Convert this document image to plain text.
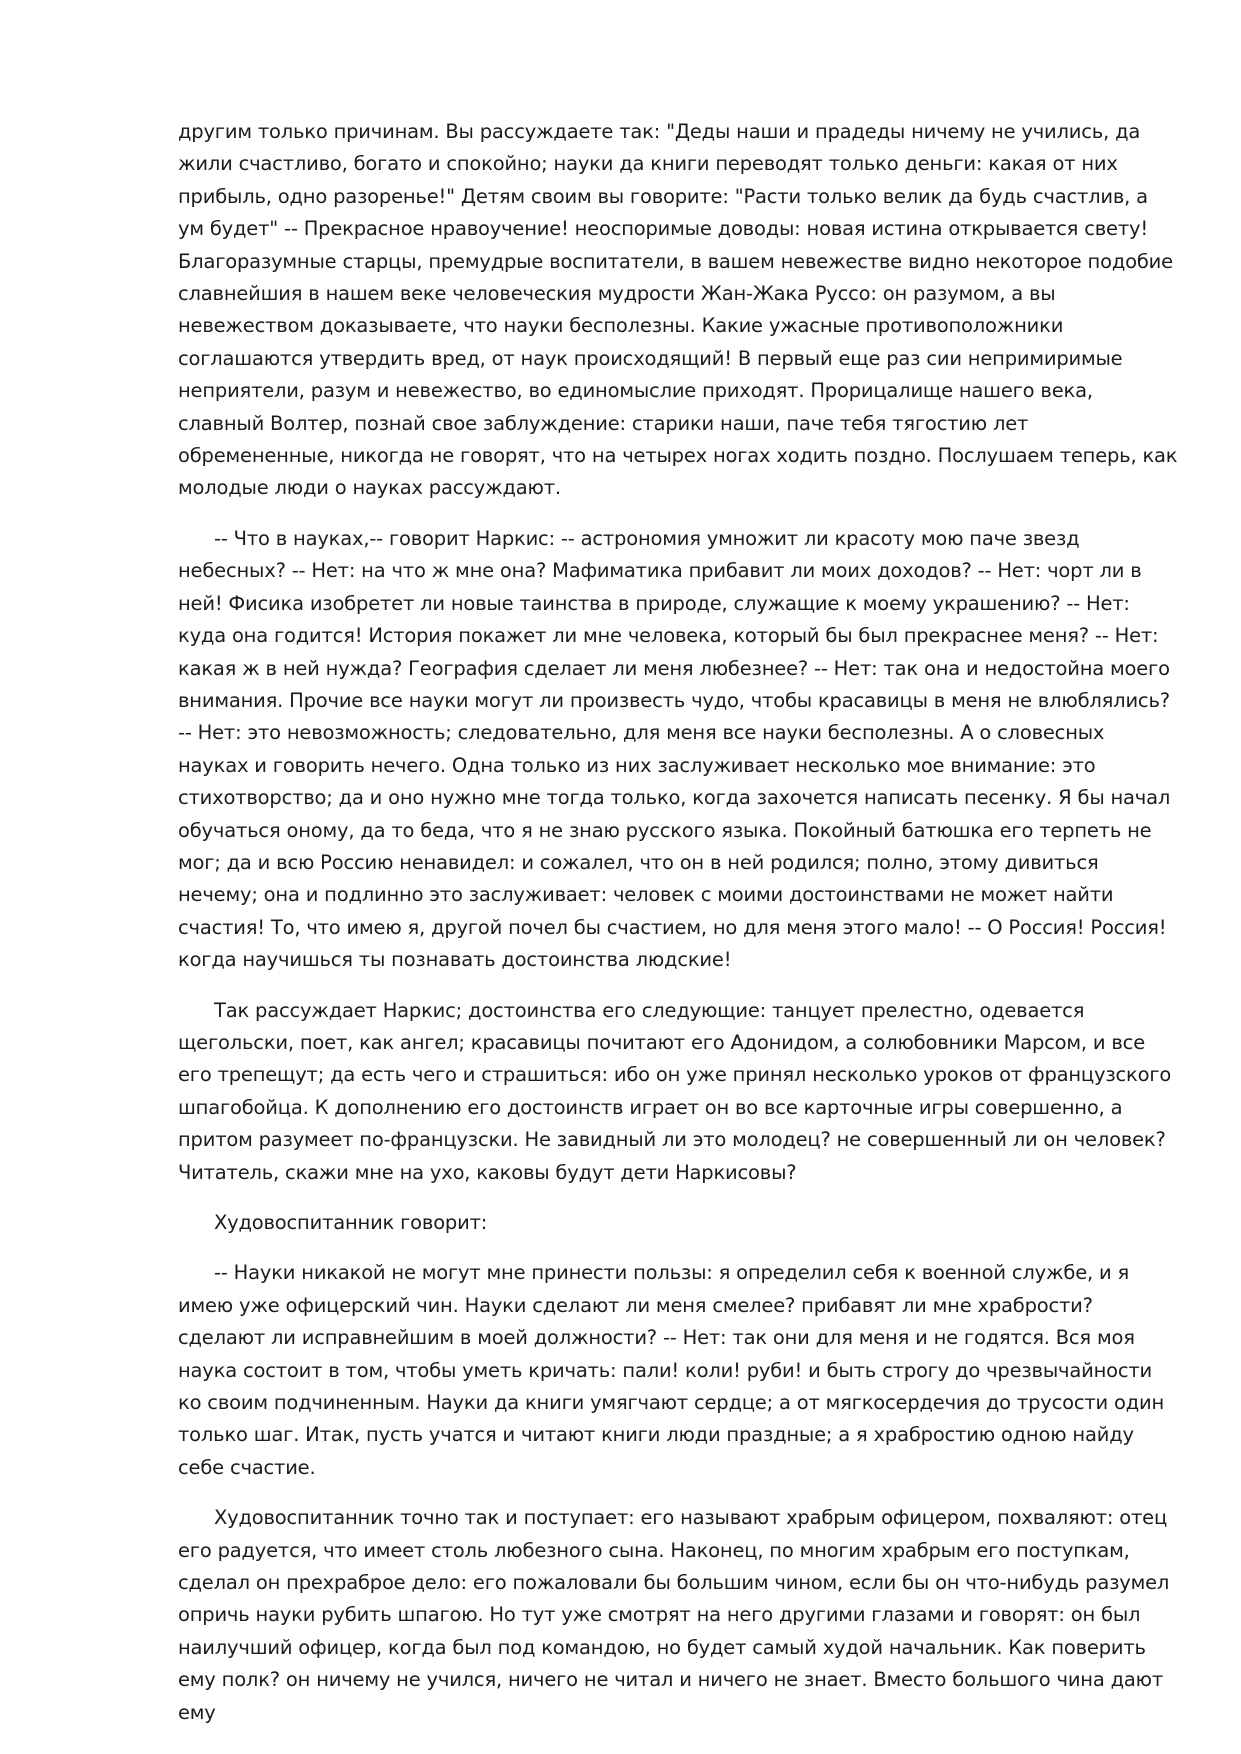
другим только причинам. Вы рассуждаете так: "Деды наши и прадеды ничему не учились, да жили счастливо, богато и спокойно; науки да книги переводят только деньги: какая от них прибыль, одно разоренье!" Детям своим вы говорите: "Расти только велик да будь счастлив, а ум будет" -- Прекрасное нравоучение! неоспоримые доводы: новая истина открывается свету! Благоразумные старцы, премудрые воспитатели, в вашем невежестве видно некоторое подобие славнейшия в нашем веке человеческия мудрости Жан-Жака Руссо: он разумом, а вы невежеством доказываете, что науки бесполезны. Какие ужасные противоположники соглашаются утвердить вред, от наук происходящий! В первый еще раз сии непримиримые неприятели, разум и невежество, во единомыслие приходят. Прорицалище нашего века, славный Волтер, познай свое заблуждение: старики наши, паче тебя тягостию лет обремененные, никогда не говорят, что на четырех ногах ходить поздно. Послушаем теперь, как молодые люди о науках рассуждают.

-- Что в науках,-- говорит Наркис: -- астрономия умножит ли красоту мою паче звезд небесных? -- Нет: на что ж мне она? Мафиматика прибавит ли моих доходов? -- Нет: чорт ли в ней! Фисика изобретет ли новые таинства в природе, служащие к моему украшению? -- Нет: куда она годится! История покажет ли мне человека, который бы был прекраснее меня? -- Нет: какая ж в ней нужда? География сделает ли меня любезнее? -- Нет: так она и недостойна моего внимания. Прочие все науки могут ли произвесть чудо, чтобы красавицы в меня не влюблялись? -- Нет: это невозможность; следовательно, для меня все науки бесполезны. А о словесных науках и говорить нечего. Одна только из них заслуживает несколько мое внимание: это стихотворство; да и оно нужно мне тогда только, когда захочется написать песенку. Я бы начал обучаться оному, да то беда, что я не знаю русского языка. Покойный батюшка его терпеть не мог; да и всю Россию ненавидел: и сожалел, что он в ней родился; полно, этому дивиться нечему; она и подлинно это заслуживает: человек с моими достоинствами не может найти счастия! То, что имею я, другой почел бы счастием, но для меня этого мало! -- О Россия! Россия! когда научишься ты познавать достоинства людские!

Так рассуждает Наркис; достоинства его следующие: танцует прелестно, одевается щегольски, поет, как ангел; красавицы почитают его Адонидом, а солюбовники Марсом, и все его трепещут; да есть чего и страшиться: ибо он уже принял несколько уроков от французского шпагобойца. К дополнению его достоинств играет он во все карточные игры совершенно, а притом разумеет по-французски. Не завидный ли это молодец? не совершенный ли он человек? Читатель, скажи мне на ухо, каковы будут дети Наркисовы?

Худовоспитанник говорит:

-- Науки никакой не могут мне принести пользы: я определил себя к военной службе, и я имею уже офицерский чин. Науки сделают ли меня смелее? прибавят ли мне храбрости? сделают ли исправнейшим в моей должности? -- Нет: так они для меня и не годятся. Вся моя наука состоит в том, чтобы уметь кричать: пали! коли! руби! и быть строгу до чрезвычайности ко своим подчиненным. Науки да книги умягчают сердце; а от мягкосердечия до трусости один только шаг. Итак, пусть учатся и читают книги люди праздные; а я храбростию одною найду себе счастие.

Худовоспитанник точно так и поступает: его называют храбрым офицером, похваляют: отец его радуется, что имеет столь любезного сына. Наконец, по многим храбрым его поступкам, сделал он прехраброе дело: его пожаловали бы большим чином, если бы он что-нибудь разумел опричь науки рубить шпагою. Но тут уже смотрят на него другими глазами и говорят: он был наилучший офицер, когда был под командою, но будет самый худой начальник. Как поверить ему полк? он ничему не учился, ничего не читал и ничего не знает. Вместо большого чина дают ему
